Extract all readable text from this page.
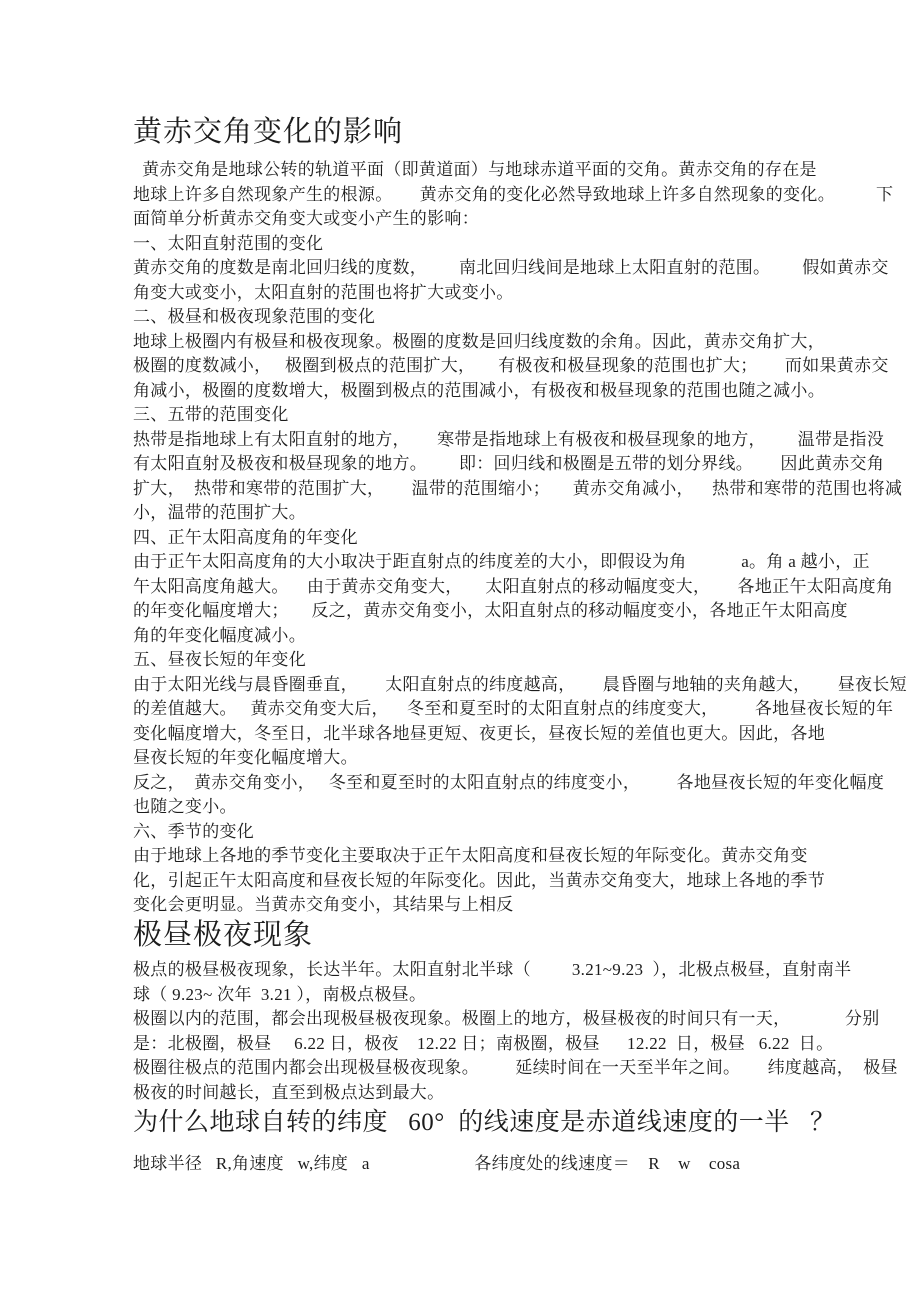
黄赤交角变化的影响
黄赤交角是地球公转的轨道平面（即黄道面）与地球赤道平面的交角。黄赤交角的存在是
地球上许多自然现象产生的根源。      黄赤交角的变化必然导致地球上许多自然现象的变化。         下
面简单分析黄赤交角变大或变小产生的影响：
一、太阳直射范围的变化
黄赤交角的度数是南北回归线的度数，       南北回归线间是地球上太阳直射的范围。       假如黄赤交
角变大或变小，太阳直射的范围也将扩大或变小。
二、极昼和极夜现象范围的变化
地球上极圈内有极昼和极夜现象。极圈的度数是回归线度数的余角。因此，黄赤交角扩大，
极圈的度数减小，   极圈到极点的范围扩大，     有极夜和极昼现象的范围也扩大；      而如果黄赤交
角减小，极圈的度数增大，极圈到极点的范围减小，有极夜和极昼现象的范围也随之减小。
三、五带的范围变化
热带是指地球上有太阳直射的地方，      寒带是指地球上有极夜和极昼现象的地方，       温带是指没
有太阳直射及极夜和极昼现象的地方。       即：回归线和极圈是五带的划分界线。      因此黄赤交角
扩大，  热带和寒带的范围扩大，      温带的范围缩小；     黄赤交角减小，    热带和寒带的范围也将减
小，温带的范围扩大。
四、正午太阳高度角的年变化
由于正午太阳高度角的大小取决于距直射点的纬度差的大小，即假设为角            a。角 a 越小，正
午太阳高度角越大。    由于黄赤交角变大，     太阳直射点的移动幅度变大，      各地正午太阳高度角
的年变化幅度增大；     反之，黄赤交角变小，太阳直射点的移动幅度变小，各地正午太阳高度
角的年变化幅度减小。
五、昼夜长短的年变化
由于太阳光线与晨昏圈垂直，      太阳直射点的纬度越高，      晨昏圈与地轴的夹角越大，      昼夜长短
的差值越大。   黄赤交角变大后，    冬至和夏至时的太阳直射点的纬度变大，        各地昼夜长短的年
变化幅度增大，冬至日，北半球各地昼更短、夜更长，昼夜长短的差值也更大。因此，各地
昼夜长短的年变化幅度增大。
反之，  黄赤交角变小，   冬至和夏至时的太阳直射点的纬度变小，        各地昼夜长短的年变化幅度
也随之变小。
六、季节的变化
由于地球上各地的季节变化主要取决于正午太阳高度和昼夜长短的年际变化。黄赤交角变
化，引起正午太阳高度和昼夜长短的年际变化。因此，当黄赤交角变大，地球上各地的季节
变化会更明显。当黄赤交角变小，其结果与上相反
极昼极夜现象
极点的极昼极夜现象，长达半年。太阳直射北半球（         3.21~9.23  ），北极点极昼，直射南半
球（ 9.23~ 次年  3.21 ），南极点极昼。
极圈以内的范围，都会出现极昼极夜现象。极圈上的地方，极昼极夜的时间只有一天，            分别
是：北极圈，极昼     6.22 日，极夜    12.22 日；南极圈，极昼      12.22  日，极昼   6.22  日。
极圈往极点的范围内都会出现极昼极夜现象。        延续时间在一天至半年之间。      纬度越高，  极昼
极夜的时间越长，直至到极点达到最大。
为什么地球自转的纬度   60°  的线速度是赤道线速度的一半   ？
地球半径   R,角速度   w,纬度   a                       各纬度处的线速度＝    R    w    cosa
